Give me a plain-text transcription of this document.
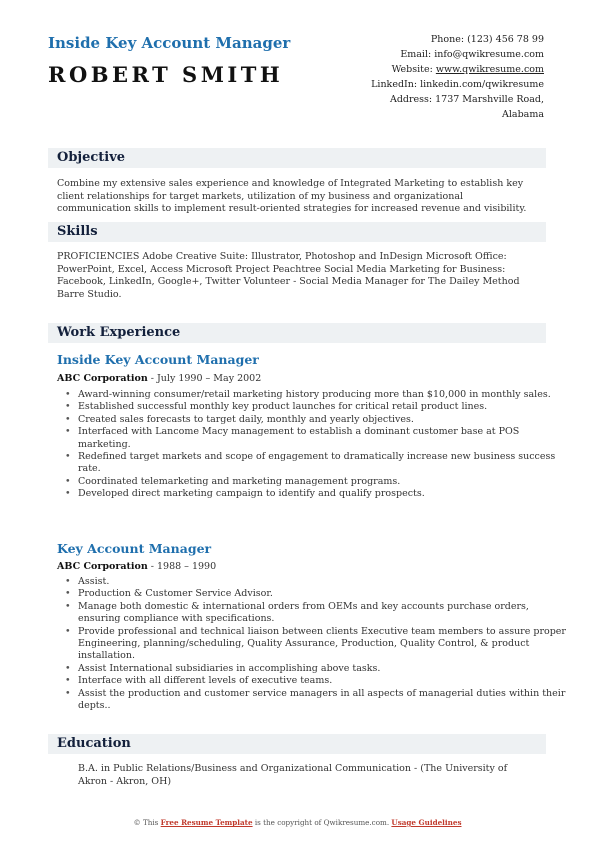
Inside Key Account Manager
ROBERT SMITH
Phone: (123) 456 78 99
Email: info@qwikresume.com
Website: www.qwikresume.com
LinkedIn: linkedin.com/qwikresume
Address: 1737 Marshville Road,
Alabama
Objective

Combine my extensive sales experience and knowledge of Integrated Marketing to establish key client relationships for target markets, utilization of my business and organizational communication skills to implement result-oriented strategies for increased revenue and visibility.

Skills

PROFICIENCIES Adobe Creative Suite: Illustrator, Photoshop and InDesign Microsoft Office: PowerPoint, Excel, Access Microsoft Project Peachtree Social Media Marketing for Business: Facebook, LinkedIn, Google+, Twitter Volunteer - Social Media Manager for The Dailey Method Barre Studio.

Work Experience
Inside Key Account Manager
ABC Corporation - July 1990 – May 2002
• Award-winning consumer/retail marketing history producing more than $10,000 in monthly sales.
• Established successful monthly key product launches for critical retail product lines.
• Created sales forecasts to target daily, monthly and yearly objectives.
• Interfaced with Lancome Macy management to establish a dominant customer base at POS marketing.
• Redefined target markets and scope of engagement to dramatically increase new business success rate.
• Coordinated telemarketing and marketing management programs.
• Developed direct marketing campaign to identify and qualify prospects.
Key Account Manager
ABC Corporation - 1988 – 1990
• Assist.
• Production & Customer Service Advisor.
• Manage both domestic & international orders from OEMs and key accounts purchase orders, ensuring compliance with specifications.
• Provide professional and technical liaison between clients Executive team members to assure proper Engineering, planning/scheduling, Quality Assurance, Production, Quality Control, & product installation.
• Assist International subsidiaries in accomplishing above tasks.
• Interface with all different levels of executive teams.
• Assist the production and customer service managers in all aspects of managerial duties within their depts..
Education

B.A. in Public Relations/Business and Organizational Communication - (The University of Akron - Akron, OH)

© This Free Resume Template is the copyright of Qwikresume.com. Usage Guidelines
